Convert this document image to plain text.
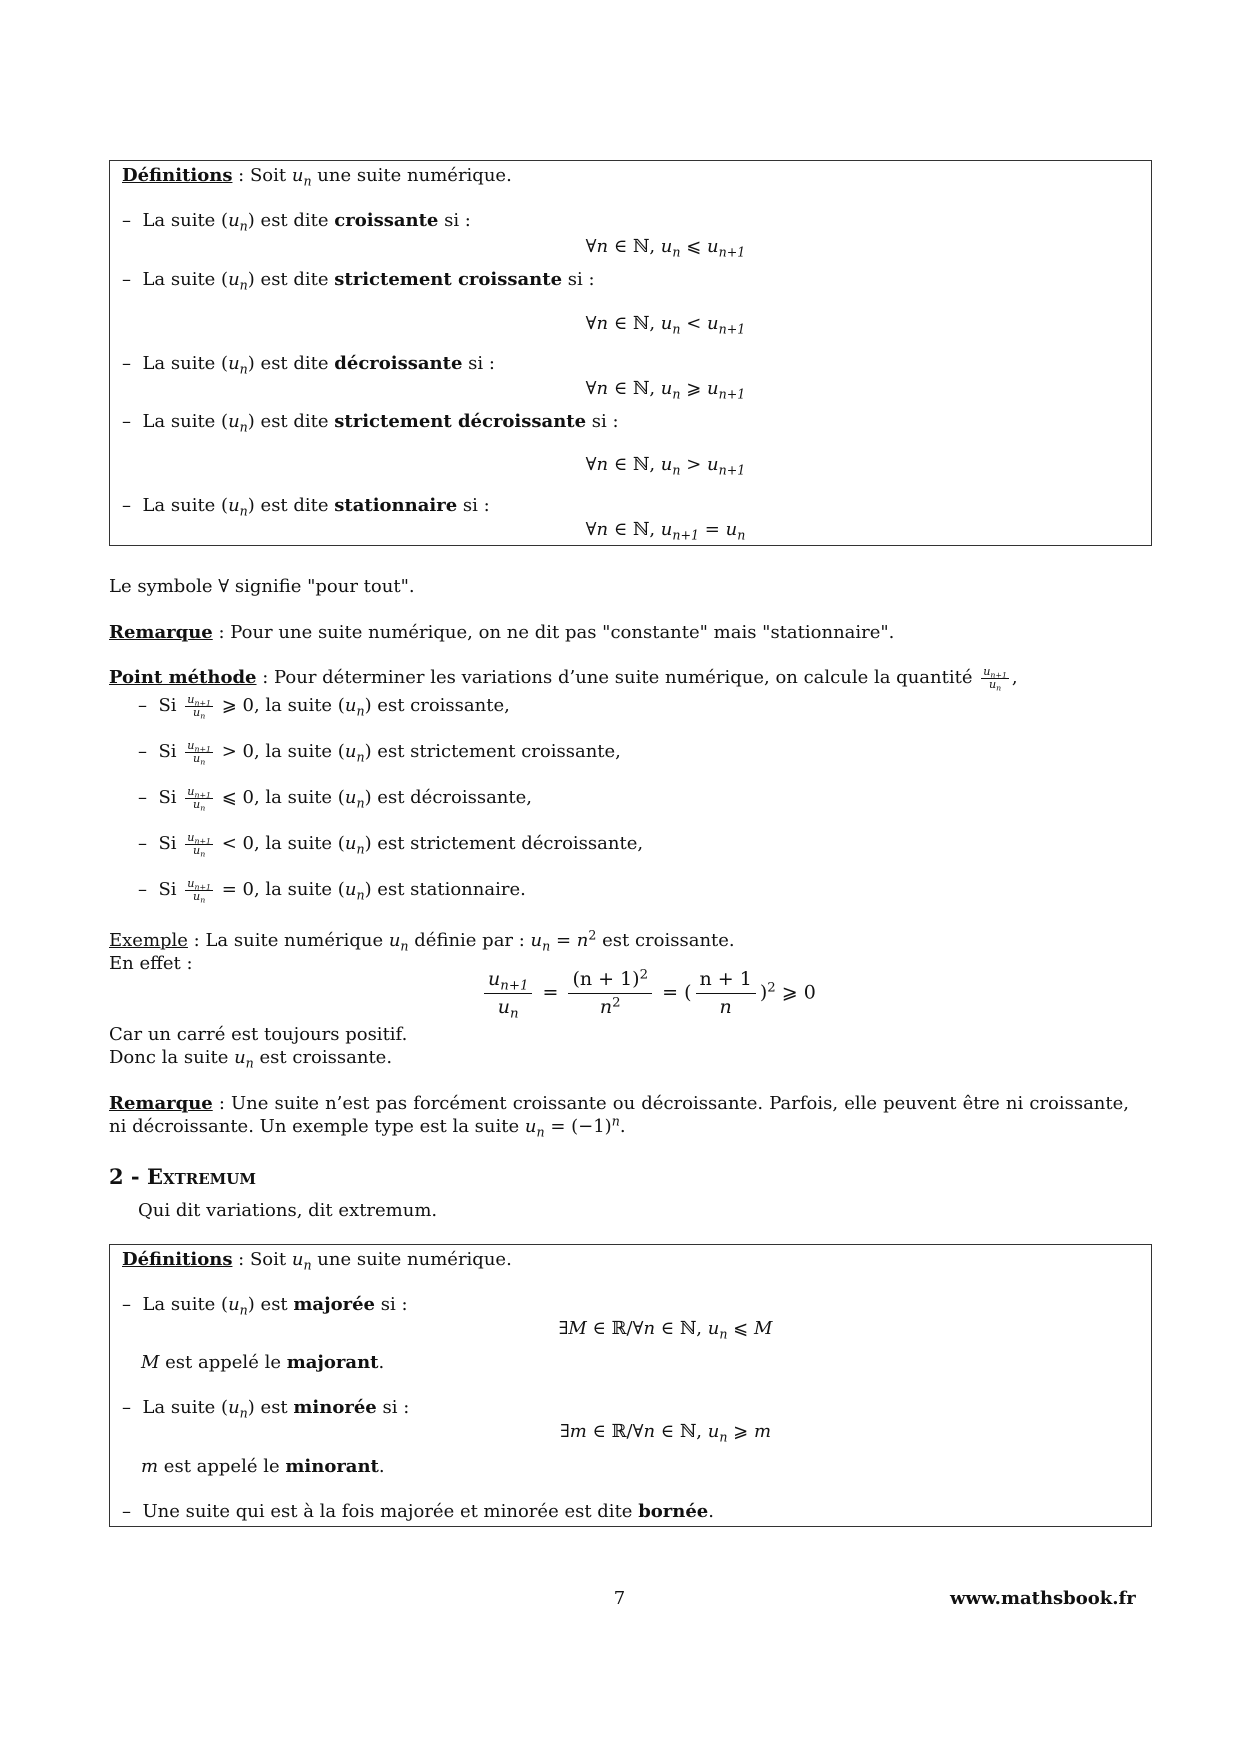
Définitions : Soit $u_n$ une suite numérique.
– La suite $(u_n)$ est dite croissante si :
∀n ∈ ℕ, $u_n$ ⩽ $u_{n+1}$
– La suite $(u_n)$ est dite strictement croissante si :
∀n ∈ ℕ, $u_n < u_{n+1}$
– La suite $(u_n)$ est dite décroissante si :
∀n ∈ ℕ, $u_n$ ⩾ $u_{n+1}$
– La suite $(u_n)$ est dite strictement décroissante si :
∀n ∈ ℕ, $u_n > u_{n+1}$
– La suite $(u_n)$ est dite stationnaire si :
∀n ∈ ℕ, $u_{n+1} = u_n$
Le symbole ∀ signifie "pour tout".
Remarque : Pour une suite numérique, on ne dit pas "constante" mais "stationnaire".
Point méthode : Pour déterminer les variations d’une suite numérique, on calcule la quantité $\frac{u_{n+1}}{u_n}$ ,
– Si $\frac{u_{n+1}}{u_n}$ ⩾ 0, la suite $(u_n)$ est croissante,
– Si $\frac{u_{n+1}}{u_n} > 0$, la suite $(u_n)$ est strictement croissante,
– Si $\frac{u_{n+1}}{u_n}$ ⩽ 0, la suite $(u_n)$ est décroissante,
– Si $\frac{u_{n+1}}{u_n} < 0$, la suite $(u_n)$ est strictement décroissante,
– Si $\frac{u_{n+1}}{u_n} = 0$, la suite $(u_n)$ est stationnaire.
Exemple : La suite numérique $u_n$ définie par : $u_n = n^2$ est croissante.
En effet :
$\frac{u_{n+1}}{u_n} = \frac{(n + 1)^2}{n^2}$ = ( $\frac{n + 1}{n} )^2$ ⩾ 0
Car un carré est toujours positif.
Donc la suite $u_n$ est croissante.
Remarque : Une suite n’est pas forcément croissante ou décroissante. Parfois, elle peuvent être ni croissante, ni décroissante. Un exemple type est la suite $u_n = (-1)^n$.
2 - Extremum
Qui dit variations, dit extremum.
Définitions : Soit $u_n$ une suite numérique.
– La suite $(u_n)$ est majorée si :
∃M ∈ ℝ/∀n ∈ ℕ, $u_n$ ⩽ M
M est appelé le majorant.
– La suite $(u_n)$ est minorée si :
∃m ∈ ℝ/∀n ∈ ℕ, $u_n$ ⩾ m
m est appelé le minorant.
– Une suite qui est à la fois majorée et minorée est dite bornée.
7	www.mathsbook.fr
